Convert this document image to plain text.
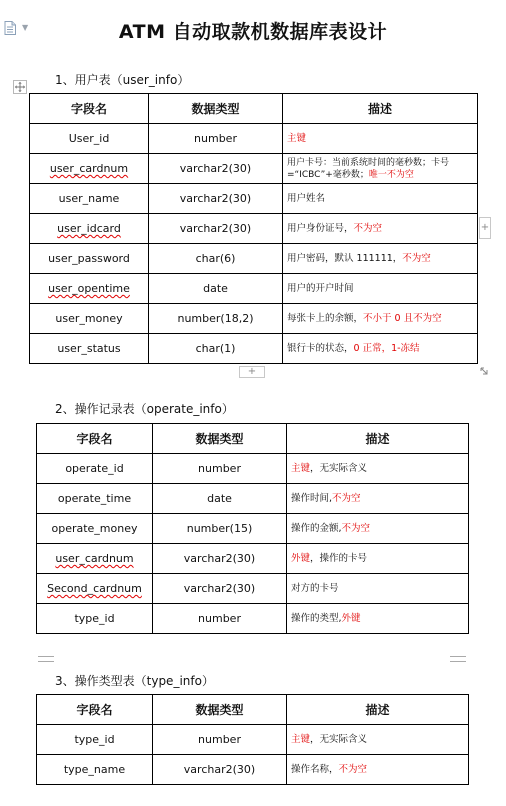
▼	ATM 自动取款机数据库表设计
1、用户表（user_info）
字段名	数据类型	描述
User_id	number	主键
user_cardnum	varchar2(30)	用户卡号：当前系统时间的毫秒数；卡号=“ICBC”+毫秒数；唯一不为空
user_name	varchar2(30)	用户姓名
user_idcard	varchar2(30)	用户身份证号，不为空
user_password	char(6)	用户密码，默认 111111，不为空
user_opentime	date	用户的开户时间
user_money	number(18,2)	每张卡上的余额，不小于 0 且不为空
user_status	char(1)	银行卡的状态，0 正常，1-冻结
+
+
2、操作记录表（operate_info）
字段名	数据类型	描述
operate_id	number	主键，无实际含义
operate_time	date	操作时间,不为空
operate_money	number(15)	操作的金额,不为空
user_cardnum	varchar2(30)	外键，操作的卡号
Second_cardnum	varchar2(30)	对方的卡号
type_id	number	操作的类型,外键
3、操作类型表（type_info）
字段名	数据类型	描述
type_id	number	主键，无实际含义
type_name	varchar2(30)	操作名称，不为空
